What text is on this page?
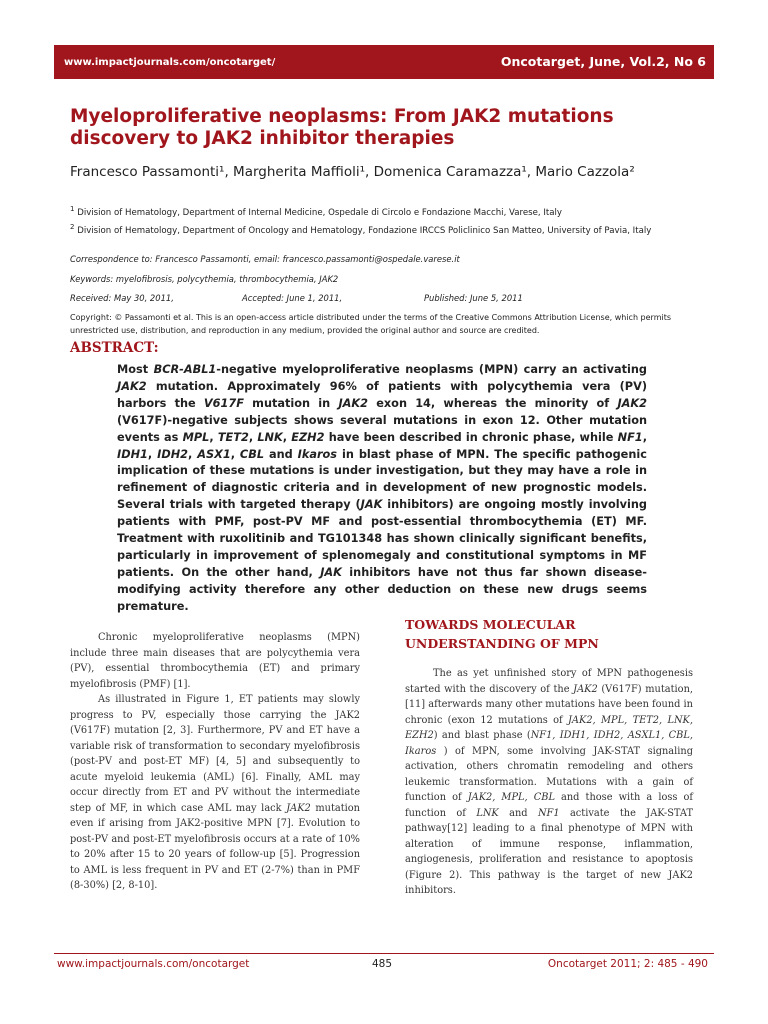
www.impactjournals.com/oncotarget/	Oncotarget, June, Vol.2, No 6
Myeloproliferative neoplasms: From JAK2 mutations discovery to JAK2 inhibitor therapies
Francesco Passamonti¹, Margherita Maffioli¹, Domenica Caramazza¹, Mario Cazzola²
$^1$ Division of Hematology, Department of Internal Medicine, Ospedale di Circolo e Fondazione Macchi, Varese, Italy
$^2$ Division of Hematology, Department of Oncology and Hematology, Fondazione IRCCS Policlinico San Matteo, University of Pavia, Italy
Correspondence to: Francesco Passamonti, email: francesco.passamonti@ospedale.varese.it
Keywords: myelofibrosis, polycythemia, thrombocythemia, JAK2
Received: May 30, 2011,	Accepted: June 1, 2011,	Published: June 5, 2011
Copyright: © Passamonti et al. This is an open-access article distributed under the terms of the Creative Commons Attribution License, which permits unrestricted use, distribution, and reproduction in any medium, provided the original author and source are credited.
ABSTRACT:
Most BCR-ABL1-negative myeloproliferative neoplasms (MPN) carry an activating JAK2 mutation. Approximately 96% of patients with polycythemia vera (PV) harbors the V617F mutation in JAK2 exon 14, whereas the minority of JAK2 (V617F)-negative subjects shows several mutations in exon 12. Other mutation events as MPL, TET2, LNK, EZH2 have been described in chronic phase, while NF1, IDH1, IDH2, ASX1, CBL and Ikaros in blast phase of MPN. The specific pathogenic implication of these mutations is under investigation, but they may have a role in refinement of diagnostic criteria and in development of new prognostic models. Several trials with targeted therapy (JAK inhibitors) are ongoing mostly involving patients with PMF, post-PV MF and post-essential thrombocythemia (ET) MF. Treatment with ruxolitinib and TG101348 has shown clinically significant benefits, particularly in improvement of splenomegaly and constitutional symptoms in MF patients. On the other hand, JAK inhibitors have not thus far shown disease-modifying activity therefore any other deduction on these new drugs seems premature.

Chronic myeloproliferative neoplasms (MPN) include three main diseases that are polycythemia vera (PV), essential thrombocythemia (ET) and primary myelofibrosis (PMF) [1].

As illustrated in Figure 1, ET patients may slowly progress to PV, especially those carrying the JAK2 (V617F) mutation [2, 3]. Furthermore, PV and ET have a variable risk of transformation to secondary myelofibrosis (post-PV and post-ET MF) [4, 5] and subsequently to acute myeloid leukemia (AML) [6]. Finally, AML may occur directly from ET and PV without the intermediate step of MF, in which case AML may lack JAK2 mutation even if arising from JAK2-positive MPN [7]. Evolution to post-PV and post-ET myelofibrosis occurs at a rate of 10% to 20% after 15 to 20 years of follow-up [5]. Progression to AML is less frequent in PV and ET (2-7%) than in PMF (8-30%) [2, 8-10].

TOWARDS MOLECULAR UNDERSTANDING OF MPN

The as yet unfinished story of MPN pathogenesis started with the discovery of the JAK2 (V617F) mutation,[11] afterwards many other mutations have been found in chronic (exon 12 mutations of JAK2, MPL, TET2, LNK, EZH2) and blast phase (NF1, IDH1, IDH2, ASXL1, CBL, Ikaros ) of MPN, some involving JAK-STAT signaling activation, others chromatin remodeling and others leukemic transformation. Mutations with a gain of function of JAK2, MPL, CBL and those with a loss of function of LNK and NF1 activate the JAK-STAT pathway[12] leading to a final phenotype of MPN with alteration of immune response, inflammation, angiogenesis, proliferation and resistance to apoptosis (Figure 2). This pathway is the target of new JAK2 inhibitors.

www.impactjournals.com/oncotarget	485	Oncotarget 2011; 2: 485 - 490
